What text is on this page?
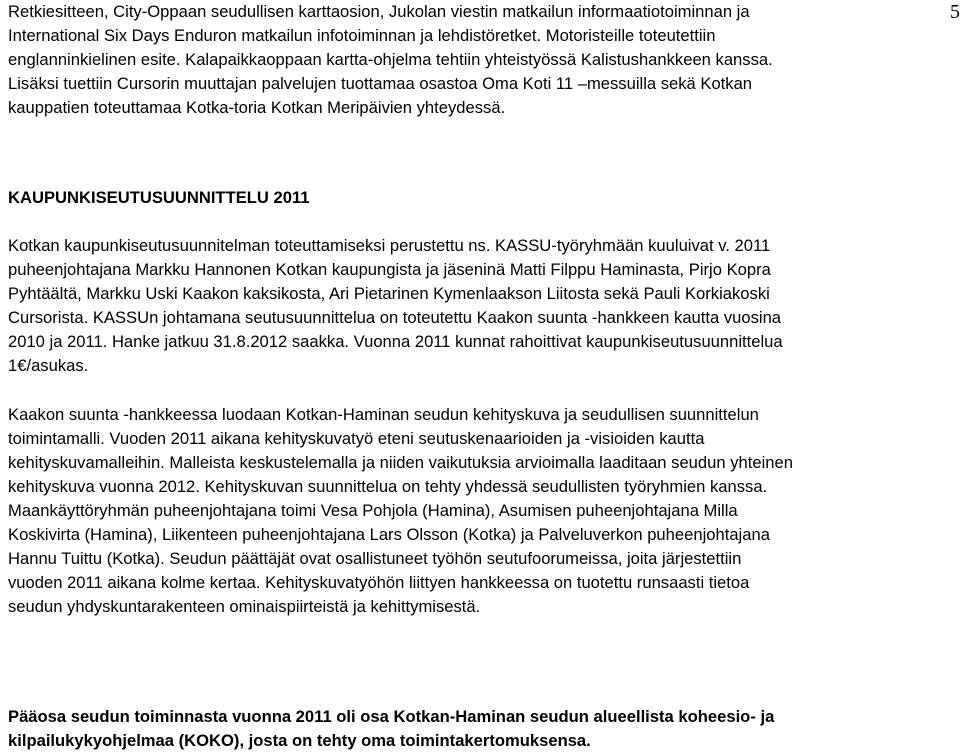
5
Retkiesitteen, City-Oppaan seudullisen karttaosion, Jukolan viestin matkailun informaatiotoiminnan ja
International Six Days Enduron matkailun infotoiminnan ja lehdistöretket. Motoristeille toteutettiin
englanninkielinen esite. Kalapaikkaoppaan kartta-ohjelma tehtiin yhteistyössä Kalistushankkeen kanssa.
Lisäksi tuettiin Cursorin muuttajan palvelujen tuottamaa osastoa Oma Koti 11 –messuilla sekä Kotkan
kauppatien toteuttamaa Kotka-toria Kotkan Meripäivien yhteydessä.
KAUPUNKISEUTUSUUNNITTELU 2011
Kotkan kaupunkiseutusuunnitelman toteuttamiseksi perustettu ns. KASSU-työryhmään kuuluivat v. 2011
puheenjohtajana Markku Hannonen Kotkan kaupungista ja jäseninä Matti Filppu Haminasta, Pirjo Kopra
Pyhtäältä, Markku Uski Kaakon kaksikosta, Ari Pietarinen Kymenlaakson Liitosta sekä Pauli Korkiakoski
Cursorista. KASSUn johtamana seutusuunnittelua on toteutettu Kaakon suunta -hankkeen kautta vuosina
2010 ja 2011. Hanke jatkuu 31.8.2012 saakka. Vuonna 2011 kunnat rahoittivat kaupunkiseutusuunnittelua
1€/asukas.
Kaakon suunta -hankkeessa luodaan Kotkan-Haminan seudun kehityskuva ja seudullisen suunnittelun
toimintamalli. Vuoden 2011 aikana kehityskuvatyö eteni seutuskenaarioiden ja -visioiden kautta
kehityskuvamalleihin. Malleista keskustelemalla ja niiden vaikutuksia arvioimalla laaditaan seudun yhteinen
kehityskuva vuonna 2012. Kehityskuvan suunnittelua on tehty yhdessä seudullisten työryhmien kanssa.
Maankäyttöryhmän puheenjohtajana toimi Vesa Pohjola (Hamina), Asumisen puheenjohtajana Milla
Koskivirta (Hamina), Liikenteen puheenjohtajana Lars Olsson (Kotka) ja Palveluverkon puheenjohtajana
Hannu Tuittu (Kotka). Seudun päättäjät ovat osallistuneet työhön seutufoorumeissa, joita järjestettiin
vuoden 2011 aikana kolme kertaa. Kehityskuvatyöhön liittyen hankkeessa on tuotettu runsaasti tietoa
seudun yhdyskuntarakenteen ominaispiirteistä ja kehittymisestä.
Pääosa seudun toiminnasta vuonna 2011 oli osa Kotkan-Haminan seudun alueellista koheesio- ja
kilpailukykyohjelmaa (KOKO), josta on tehty oma toimintakertomuksensa.
